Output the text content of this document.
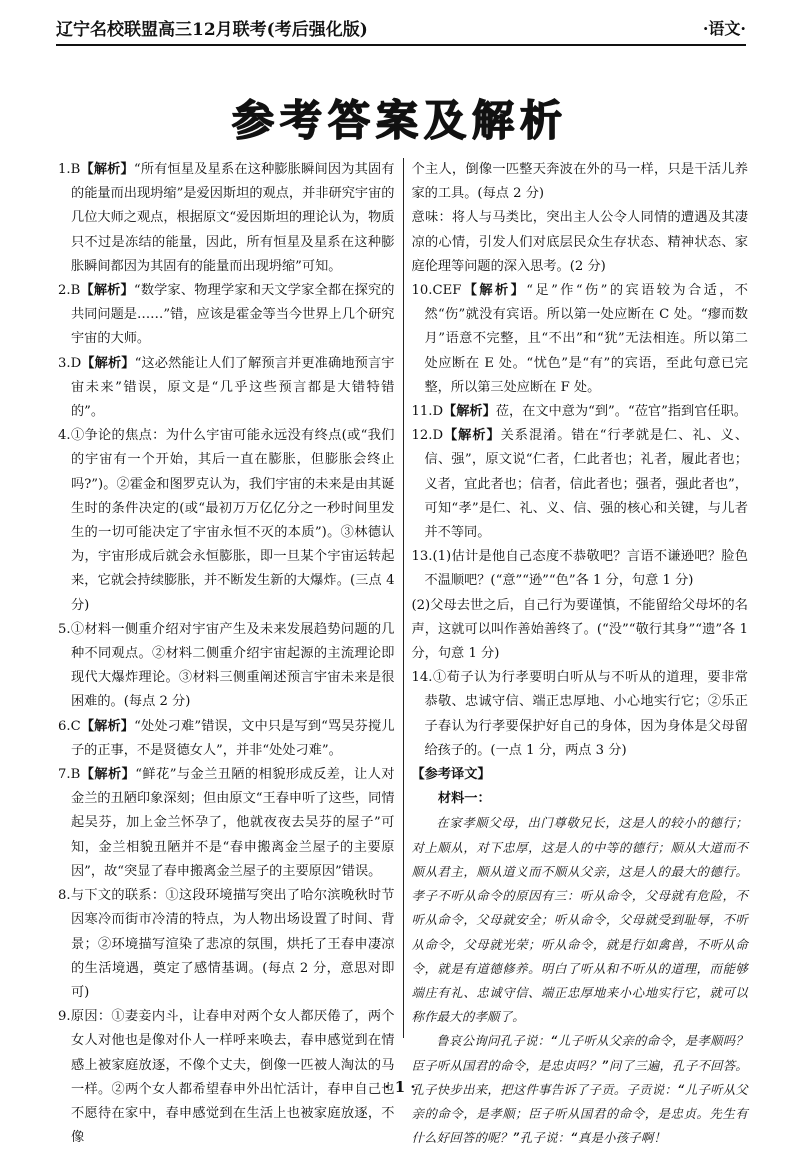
辽宁名校联盟高三12月联考(考后强化版)	·语文·
参考答案及解析

1.B【解析】“所有恒星及星系在这种膨胀瞬间因为其固有的能量而出现坍缩”是爱因斯坦的观点，并非研究宇宙的几位大师之观点，根据原文“爱因斯坦的理论认为，物质只不过是冻结的能量，因此，所有恒星及星系在这种膨胀瞬间都因为其固有的能量而出现坍缩”可知。

2.B【解析】“数学家、物理学家和天文学家全都在探究的共同问题是……”错，应该是霍金等当今世界上几个研究宇宙的大师。

3.D【解析】“这必然能让人们了解预言并更准确地预言宇宙未来”错误，原文是“几乎这些预言都是大错特错的”。

4.①争论的焦点：为什么宇宙可能永远没有终点(或“我们的宇宙有一个开始，其后一直在膨胀，但膨胀会终止吗?”)。②霍金和图罗克认为，我们宇宙的未来是由其诞生时的条件决定的(或“最初万万亿亿分之一秒时间里发生的一切可能决定了宇宙永恒不灭的本质”)。③林德认为，宇宙形成后就会永恒膨胀，即一旦某个宇宙运转起来，它就会持续膨胀，并不断发生新的大爆炸。(三点 4 分)

5.①材料一侧重介绍对宇宙产生及未来发展趋势问题的几种不同观点。②材料二侧重介绍宇宙起源的主流理论即现代大爆炸理论。③材料三侧重阐述预言宇宙未来是很困难的。(每点 2 分)

6.C【解析】“处处刁难”错误，文中只是写到“骂吴芬搅儿子的正事，不是贤德女人”，并非“处处刁难”。

7.B【解析】“鲜花”与金兰丑陋的相貌形成反差，让人对金兰的丑陋印象深刻；但由原文“王春申听了这些，同情起吴芬，加上金兰怀孕了，他就夜夜去吴芬的屋子”可知，金兰相貌丑陋并不是“春申搬离金兰屋子的主要原因”，故“突显了春申搬离金兰屋子的主要原因”错误。

8.与下文的联系：①这段环境描写突出了哈尔滨晚秋时节因寒冷而街市冷清的特点，为人物出场设置了时间、背景；②环境描写渲染了悲凉的氛围，烘托了王春申凄凉的生活境遇，奠定了感情基调。(每点 2 分，意思对即可)

9.原因：①妻妾内斗，让春申对两个女人都厌倦了，两个女人对他也是像对仆人一样呼来唤去，春申感觉到在情感上被家庭放逐，不像个丈夫，倒像一匹被人淘汰的马一样。②两个女人都希望春申外出忙活计，春申自己也不愿待在家中，春申感觉到在生活上也被家庭放逐，不像

个主人，倒像一匹整天奔波在外的马一样，只是干活儿养家的工具。(每点 2 分)

意味：将人与马类比，突出主人公令人同情的遭遇及其凄凉的心情，引发人们对底层民众生存状态、精神状态、家庭伦理等问题的深入思考。(2 分)

10.CEF【解析】“足”作“伤”的宾语较为合适，不然“伤”就没有宾语。所以第一处应断在 C 处。“瘳而数月”语意不完整，且“不出”和“犹”无法相连。所以第二处应断在 E 处。“忧色”是“有”的宾语，至此句意已完整，所以第三处应断在 F 处。

11.D【解析】莅，在文中意为“到”。“莅官”指到官任职。

12.D【解析】关系混淆。错在“行孝就是仁、礼、义、信、强”，原文说“仁者，仁此者也；礼者，履此者也；义者，宜此者也；信者，信此者也；强者，强此者也”，可知“孝”是仁、礼、义、信、强的核心和关键，与儿者并不等同。

13.(1)估计是他自己态度不恭敬吧？言语不谦逊吧？脸色不温顺吧？(“意”“逊”“色”各 1 分，句意 1 分)

(2)父母去世之后，自己行为要谨慎，不能留给父母坏的名声，这就可以叫作善始善终了。(“没”“敬行其身”“遗”各 1 分，句意 1 分)

14.①荀子认为行孝要明白听从与不听从的道理，要非常恭敬、忠诚守信、端正忠厚地、小心地实行它；②乐正子春认为行孝要保护好自己的身体，因为身体是父母留给孩子的。(一点 1 分，两点 3 分)

【参考译文】

材料一：

在家孝顺父母，出门尊敬兄长，这是人的较小的德行；对上顺从，对下忠厚，这是人的中等的德行；顺从大道而不顺从君主，顺从道义而不顺从父亲，这是人的最大的德行。孝子不听从命令的原因有三：听从命令，父母就有危险，不听从命令，父母就安全；听从命令，父母就受到耻辱，不听从命令，父母就光荣；听从命令，就是行如禽兽，不听从命令，就是有道德修养。明白了听从和不听从的道理，而能够端庄有礼、忠诚守信、端正忠厚地来小心地实行它，就可以称作最大的孝顺了。

鲁哀公询问孔子说：“儿子听从父亲的命令，是孝顺吗？臣子听从国君的命令，是忠贞吗？”问了三遍，孔子不回答。孔子快步出来，把这件事告诉了子贡。子贡说：“儿子听从父亲的命令，是孝顺；臣子听从国君的命令，是忠贞。先生有什么好回答的呢？”孔子说：“真是小孩子啊！

· 1 ·
